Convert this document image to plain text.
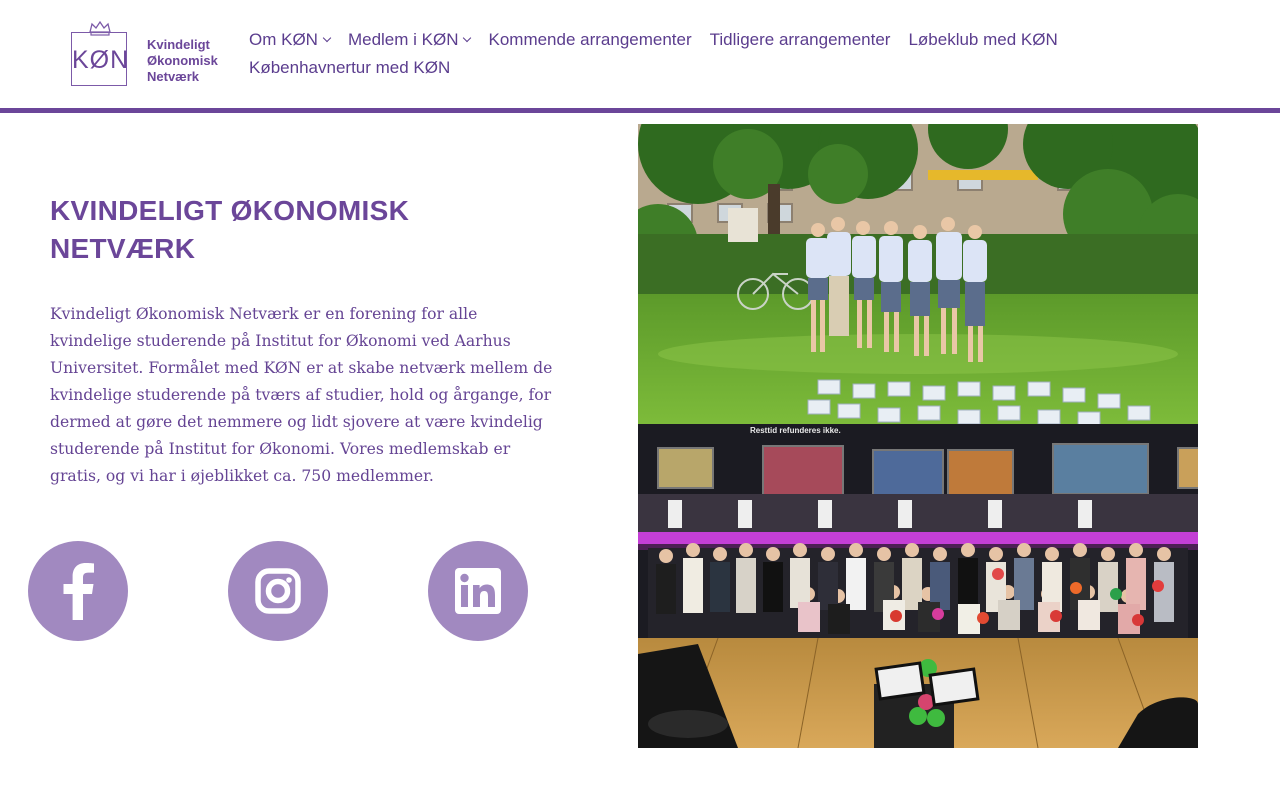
KØN
Kvindeligt
Økonomisk
Netværk
Om KØN Medlem i KØN Kommende arrangementer Tidligere arrangementer Løbeklub med KØN
Københavnertur med KØN
KVINDELIGT ØKONOMISK NETVÆRK

Kvindeligt Økonomisk Netværk er en forening for alle kvindelige studerende på Institut for Økonomi ved Aarhus Universitet. Formålet med KØN er at skabe netværk mellem de kvindelige studerende på tværs af studier, hold og årgange, for dermed at gøre det nemmere og lidt sjovere at være kvindelig studerende på Institut for Økonomi. Vores medlemskab er gratis, og vi har i øjeblikket ca. 750 medlemmer.

Resttid refunderes ikke.
